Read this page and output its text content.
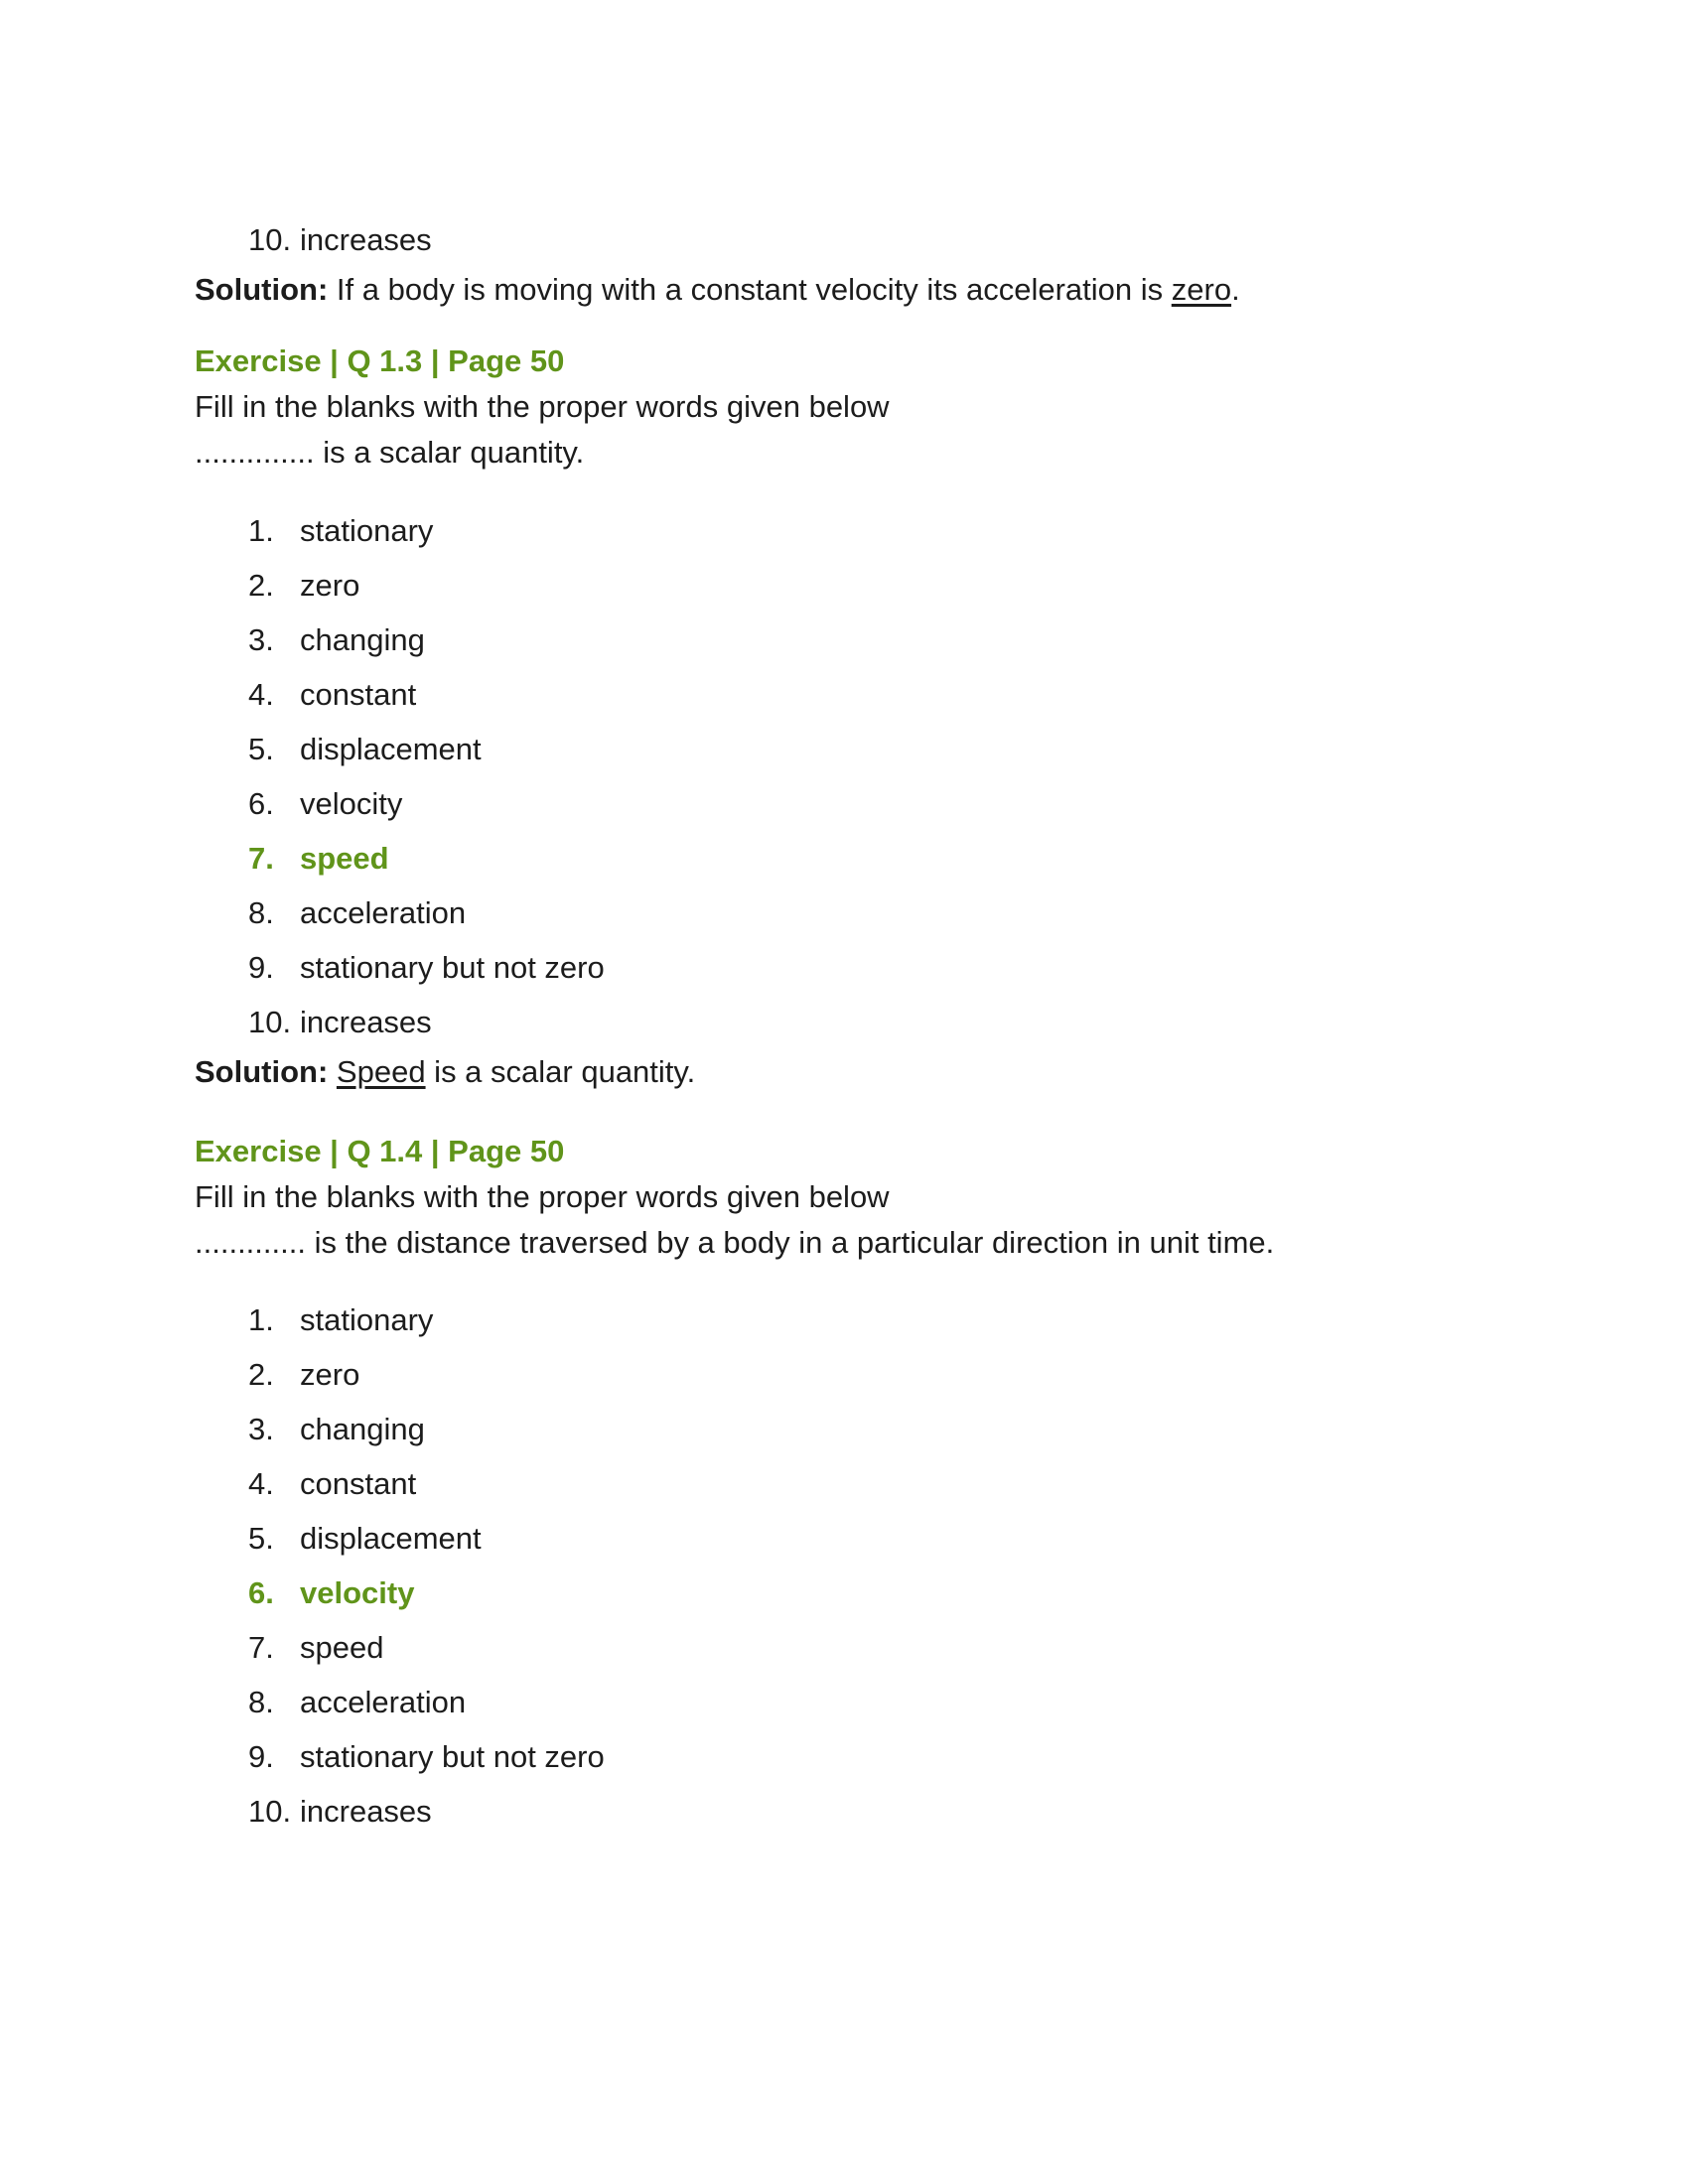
10. increases

Solution: If a body is moving with a constant velocity its acceleration is zero.

Exercise | Q 1.3 | Page 50

Fill in the blanks with the proper words given below

.............. is a scalar quantity.

1. stationary
2. zero
3. changing
4. constant
5. displacement
6. velocity
7. speed
8. acceleration
9. stationary but not zero
10. increases

Solution: Speed is a scalar quantity.

Exercise | Q 1.4 | Page 50

Fill in the blanks with the proper words given below

............. is the distance traversed by a body in a particular direction in unit time.

1. stationary
2. zero
3. changing
4. constant
5. displacement
6. velocity
7. speed
8. acceleration
9. stationary but not zero
10. increases
